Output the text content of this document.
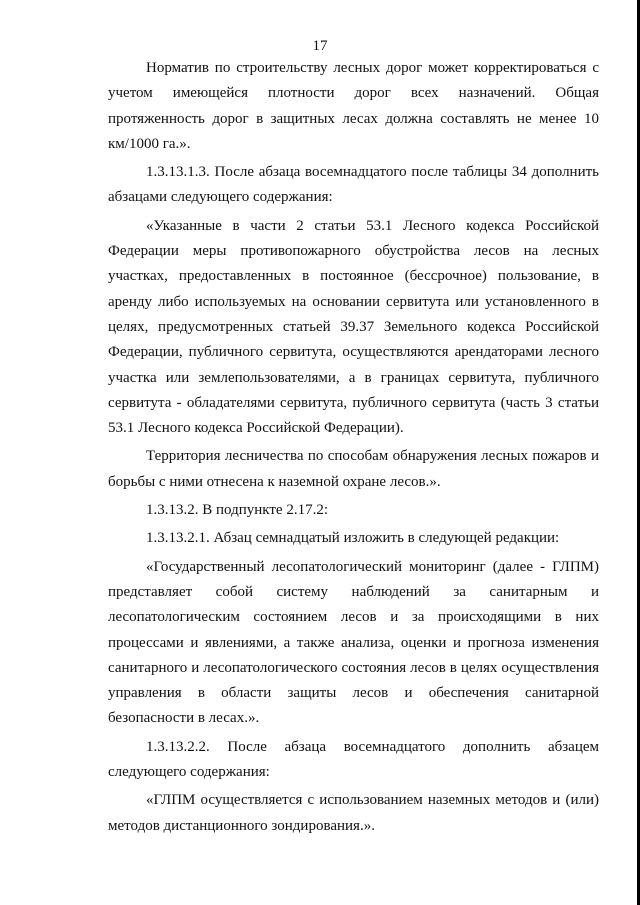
17

Норматив по строительству лесных дорог может корректироваться с учетом имеющейся плотности дорог всех назначений. Общая протяженность дорог в защитных лесах должна составлять не менее 10 км/1000 га.».

1.3.13.1.3. После абзаца восемнадцатого после таблицы 34 дополнить абзацами следующего содержания:

«Указанные в части 2 статьи 53.1 Лесного кодекса Российской Федерации меры противопожарного обустройства лесов на лесных участках, предоставленных в постоянное (бессрочное) пользование, в аренду либо используемых на основании сервитута или установленного в целях, предусмотренных статьей 39.37 Земельного кодекса Российской Федерации, публичного сервитута, осуществляются арендаторами лесного участка или землепользователями, а в границах сервитута, публичного сервитута - обладателями сервитута, публичного сервитута (часть 3 статьи 53.1 Лесного кодекса Российской Федерации).

Территория лесничества по способам обнаружения лесных пожаров и борьбы с ними отнесена к наземной охране лесов.».

1.3.13.2. В подпункте 2.17.2:

1.3.13.2.1. Абзац семнадцатый изложить в следующей редакции:

«Государственный лесопатологический мониторинг (далее - ГЛПМ) представляет собой систему наблюдений за санитарным и лесопатологическим состоянием лесов и за происходящими в них процессами и явлениями, а также анализа, оценки и прогноза изменения санитарного и лесопатологического состояния лесов в целях осуществления управления в области защиты лесов и обеспечения санитарной безопасности в лесах.».

1.3.13.2.2. После абзаца восемнадцатого дополнить абзацем следующего содержания:

«ГЛПМ осуществляется с использованием наземных методов и (или) методов дистанционного зондирования.».
